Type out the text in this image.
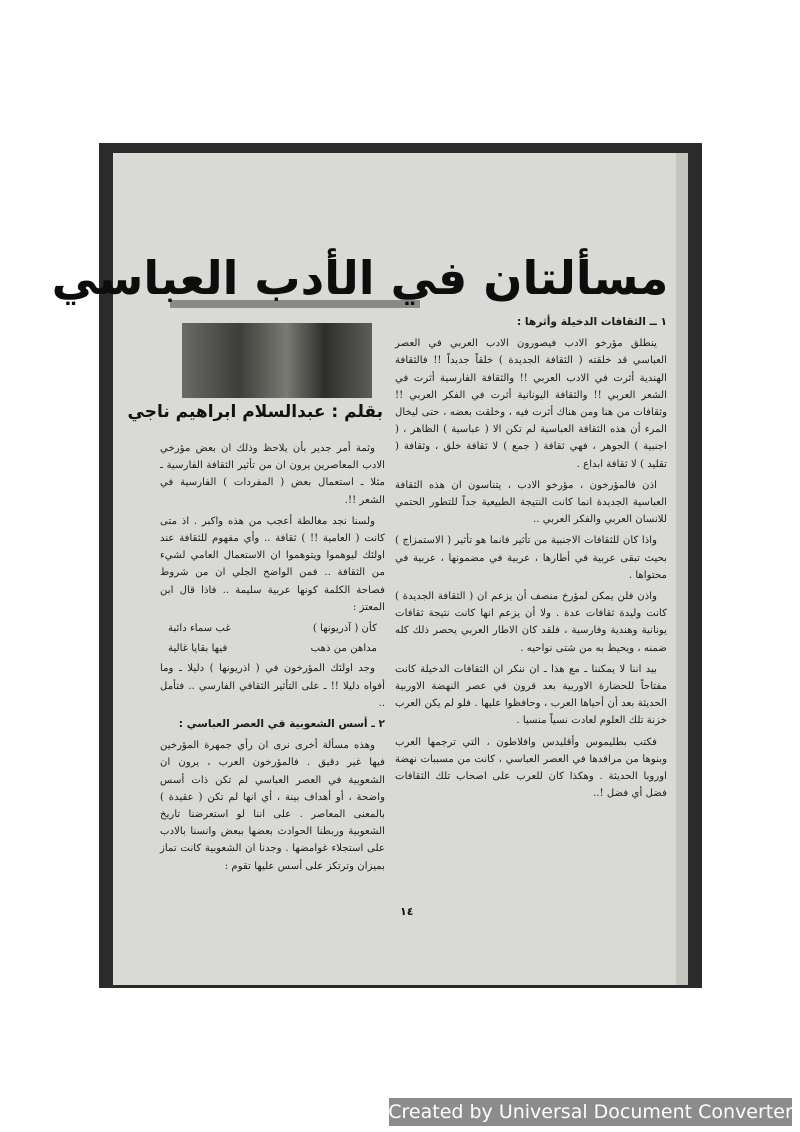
مسألتان في الأدب العباسي
بقلم : عبدالسلام ابراهيم ناجي
١ ــ الثقافات الدخيلة وأثرها :

ينطلق مؤرخو الادب فيصورون الادب العربي في العصر العباسي قد خلقته ( الثقافة الجديدة ) خلقاً جديداً !! فالثقافة الهندية أثرت في الادب العربي !! والثقافة الفارسية أثرت في الشعر العربي !! والثقافة اليونانية أثرت في الفكر العربي !! وثقافات من هنا ومن هناك أثرت فيه ، وخلقت بعضه ، حتى ليخال المرء أن هذه الثقافة العباسية لم تكن الا ( عباسية ) الظاهر ، ( اجنبية ) الجوهر ، فهي ثقافة ( جمع ) لا ثقافة خلق ، وثقافة ( تقليد ) لا ثقافة ابداع .

اذن فالمؤرخون ، مؤرخو الادب ، يتناسون ان هذه الثقافة العباسية الجديدة انما كانت النتيجة الطبيعية جداً للتطور الحتمي للانسان العربي والفكر العربي ..

واذا كان للثقافات الاجنبية من تأثير فانما هو تأثير ( الاستمزاج ) بحيث تبقى عربية في أطارها ، عربية في مضمونها ، عربية في محتواها .

واذن فلن يمكن لمؤرخ منصف أن يزعم ان ( الثقافة الجديدة ) كانت وليدة ثقافات عدة . ولا أن يزعم انها كانت نتيجة ثقافات يونانية وهندية وفارسية ، فلقد كان الاطار العربي يحصر ذلك كله ضمنه ، ويحيط به من شتى نواحيه .

بيد اننا لا يمكننا ـ مع هذا ـ ان ننكر ان الثقافات الدخيلة كانت مفتاحاً للحضارة الاوربية بعد قرون في عصر النهضة الاوربية الحديثة بعد أن أحياها العرب ، وحافظوا عليها . فلو لم يكن العرب خزنة تلك العلوم لعادت نسياً منسيا .

فكتب بطليموس وأقليدس وافلاطون ، التي ترجمها العرب وبنوها من مرافدها في العصر العباسي ، كانت من مسببات نهضة اوروبا الحديثة . وهكذا كان للعرب على اصحاب تلك الثقافات فضل أي فضل !..

وثمة أمر جدير بأن يلاحظ وذلك ان بعض مؤرخي الادب المعاصرين يرون ان من تأثير الثقافة الفارسية ـ مثلا ـ استعمال بعض ( المفردات ) الفارسية في الشعر !!.

ولسنا نجد مغالطة أعجب من هذه واكبر . اذ متى كانت ( العامية !! ) ثقافة .. وأي مفهوم للثقافة عند اولئك ليوهموا ويتوهموا ان الاستعمال العامي لشيء من الثقافة .. فمن الواضح الجلي ان من شروط فصاحة الكلمة كونها عربية سليمة .. فاذا قال ابن المعتز :

كأن ( آذريونها )
غب سماء دائبة
مداهن من ذهب
فيها بقايا غالية

وجد اولئك المؤرخون في ( اذريونها ) دليلا ـ وما أفواه دليلا !! ـ على التأثير الثقافي الفارسي .. فتأمل ..

٢ ـ أسس الشعوبية في العصر العباسي :

وهذه مسألة أخرى نرى ان رأي جمهرة المؤرخين فيها غير دقيق . فالمؤرخون العرب ، يرون ان الشعوبية في العصر العباسي لم تكن ذات أسس واضحة ، أو أهداف بينة ، أي انها لم تكن ( عقيدة ) بالمعنى المعاصر . على اننا لو استعرضنا تاريخ الشعوبية وربطنا الحوادث بعضها ببعض وانسنا بالادب على استجلاء غوامضها . وجدنا ان الشعوبية كانت تماز بميزان وترتكز على أسس عليها تقوم :

١٤
Created by Universal Document Converter
